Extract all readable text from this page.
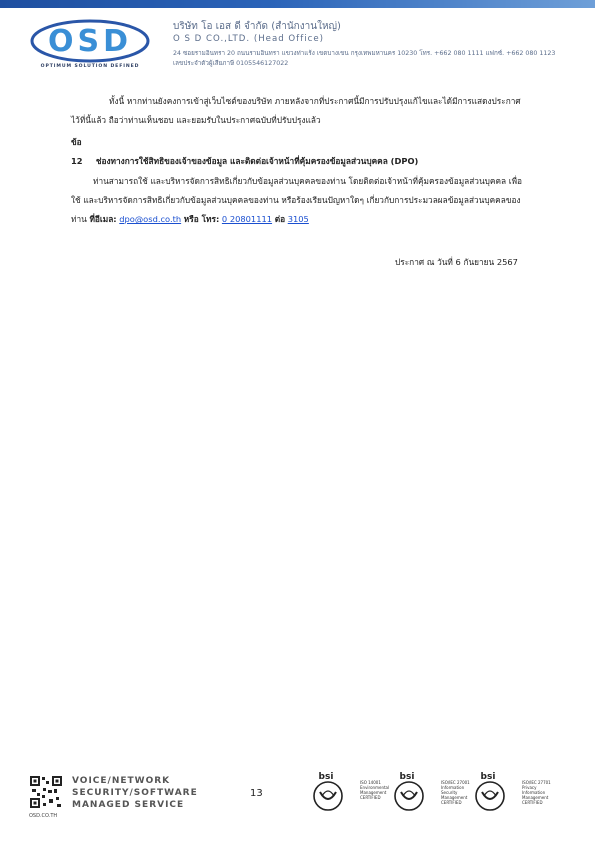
OSD
OPTIMUM SOLUTION DEFINED
บริษัท โอ เอส ดี จำกัด (สำนักงานใหญ่)
O S D CO.,LTD. (Head Office)
24 ซอยรามอินทรา 20 ถนนรามอินทรา แขวงท่าแร้ง เขตบางเขน กรุงเทพมหานคร 10230 โทร. +662 080 1111 แฟกซ์. +662 080 1123
เลขประจำตัวผู้เสียภาษี 0105546127022
ทั้งนี้ หากท่านยังคงการเข้าสู่เว็บไซต์ของบริษัท ภายหลังจากที่ประกาศนี้มีการปรับปรุงแก้ไขและได้มีการแสดงประกาศไว้ที่นี้แล้ว ถือว่าท่านเห็นชอบ และยอมรับในประกาศฉบับที่ปรับปรุงแล้ว
ข้อ 12 ช่องทางการใช้สิทธิของเจ้าของข้อมูล และติดต่อเจ้าหน้าที่คุ้มครองข้อมูลส่วนบุคคล (DPO)
ท่านสามารถใช้ และบริหารจัดการสิทธิเกี่ยวกับข้อมูลส่วนบุคคลของท่าน โดยติดต่อเจ้าหน้าที่คุ้มครองข้อมูลส่วนบุคคล เพื่อใช้ และบริหารจัดการสิทธิเกี่ยวกับข้อมูลส่วนบุคคลของท่าน หรือร้องเรียนปัญหาใดๆ เกี่ยวกับการประมวลผลข้อมูลส่วนบุคคลของท่าน ที่อีเมล: dpo@osd.co.th หรือ โทร: 0 20801111 ต่อ 3105
ประกาศ ณ วันที่ 6 กันยายน 2567
OSD.CO.TH
VOICE/NETWORK
SECURITY/SOFTWARE
MANAGED SERVICE
13
bsi
ISO 14001
Environmental Management
CERTIFIED
bsi
ISO/IEC 27001
Information Security Management
CERTIFIED
bsi
ISO/IEC 27701
Privacy Information Management
CERTIFIED
